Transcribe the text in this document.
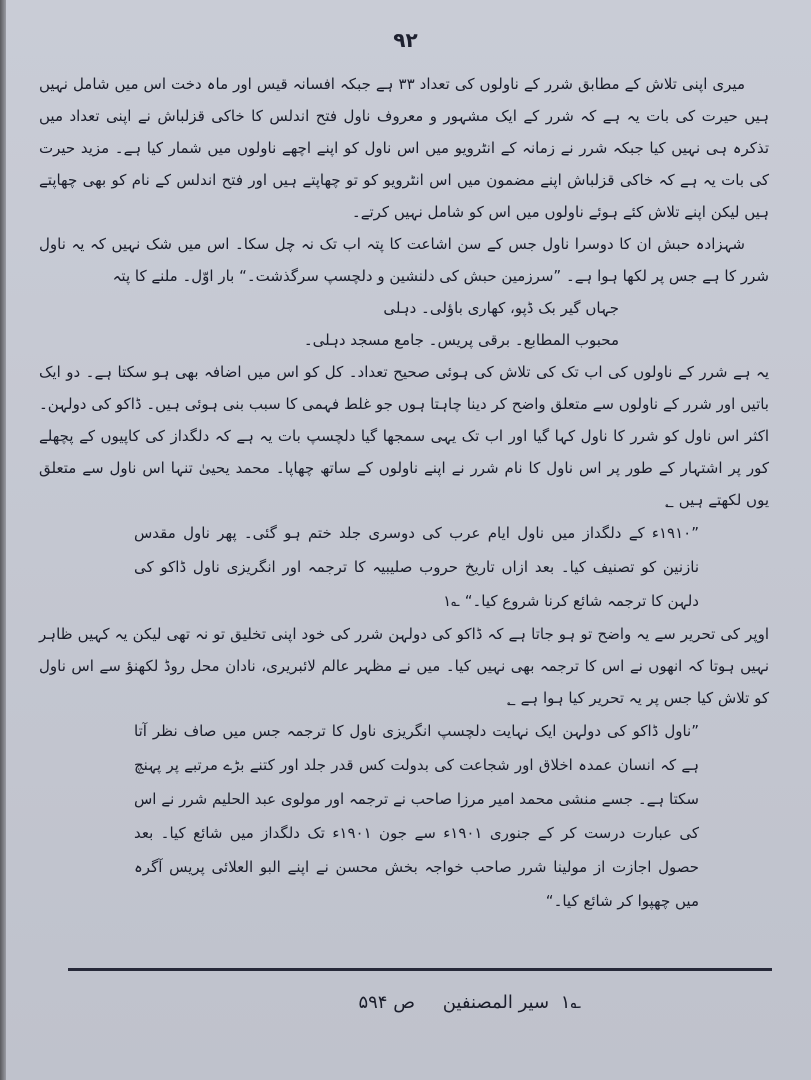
۹۲

میری اپنی تلاش کے مطابق شرر کے ناولوں کی تعداد ۳۳ ہے جبکہ افسانہ قیس اور ماہ دخت اس میں شامل نہیں ہیں حیرت کی بات یہ ہے کہ شرر کے ایک مشہور و معروف ناول فتح اندلس کا خاکی قزلباش نے اپنی تعداد میں تذکرہ ہی نہیں کیا جبکہ شرر نے زمانہ کے انٹرویو میں اس ناول کو اپنے اچھے ناولوں میں شمار کیا ہے۔ مزید حیرت کی بات یہ ہے کہ خاکی قزلباش اپنے مضمون میں اس انٹرویو کو تو چھاپتے ہیں اور فتح اندلس کے نام کو بھی چھاپتے ہیں لیکن اپنے تلاش کئے ہوئے ناولوں میں اس کو شامل نہیں کرتے۔

شہزادہ حبش ان کا دوسرا ناول جس کے سن اشاعت کا پتہ اب تک نہ چل سکا۔ اس میں شک نہیں کہ یہ ناول شرر کا ہے جس پر لکھا ہوا ہے۔ ”سرزمین حبش کی دلنشین و دلچسپ سرگذشت۔“ بار اوّل۔ ملنے کا پتہ

جہاں گیر بک ڈپو، کھاری باؤلی۔ دہلی

محبوب المطابع۔ برقی پریس۔ جامع مسجد دہلی۔

یہ ہے شرر کے ناولوں کی اب تک کی تلاش کی ہوئی صحیح تعداد۔ کل کو اس میں اضافہ بھی ہو سکتا ہے۔ دو ایک باتیں اور شرر کے ناولوں سے متعلق واضح کر دینا چاہتا ہوں جو غلط فہمی کا سبب بنی ہوئی ہیں۔ ڈاکو کی دولہن۔ اکثر اس ناول کو شرر کا ناول کہا گیا اور اب تک یہی سمجھا گیا دلچسپ بات یہ ہے کہ دلگداز کی کاپیوں کے پچھلے کور پر اشتہار کے طور پر اس ناول کا نام شرر نے اپنے ناولوں کے ساتھ چھاپا۔ محمد یحییٰ تنہا اس ناول سے متعلق یوں لکھتے ہیں ؂

”۱۹۱۰ء کے دلگداز میں ناول ایام عرب کی دوسری جلد ختم ہو گئی۔ پھر ناول مقدس نازنین کو تصنیف کیا۔ بعد ازاں تاریخ حروب صلیبیہ کا ترجمہ اور انگریزی ناول ڈاکو کی دلہن کا ترجمہ شائع کرنا شروع کیا۔“ ؎۱

اوپر کی تحریر سے یہ واضح تو ہو جاتا ہے کہ ڈاکو کی دولہن شرر کی خود اپنی تخلیق تو نہ تھی لیکن یہ کہیں ظاہر نہیں ہوتا کہ انھوں نے اس کا ترجمہ بھی نہیں کیا۔ میں نے مظہر عالم لائبریری، نادان محل روڈ لکھنؤ سے اس ناول کو تلاش کیا جس پر یہ تحریر کیا ہوا ہے ؂

”ناول ڈاکو کی دولہن ایک نہایت دلچسپ انگریزی ناول کا ترجمہ جس میں صاف نظر آتا ہے کہ انسان عمدہ اخلاق اور شجاعت کی بدولت کس قدر جلد اور کتنے بڑے مرتبے پر پہنچ سکتا ہے۔ جسے منشی محمد امیر مرزا صاحب نے ترجمہ اور مولوی عبد الحلیم شرر نے اس کی عبارت درست کر کے جنوری ۱۹۰۱ء سے جون ۱۹۰۱ء تک دلگداز میں شائع کیا۔ بعد حصول اجازت از مولینا شرر صاحب خواجہ بخش محسن نے اپنے البو العلائی پریس آگرہ میں چھپوا کر شائع کیا۔“

؎۱ سیر المصنفین ص ۵۹۴
